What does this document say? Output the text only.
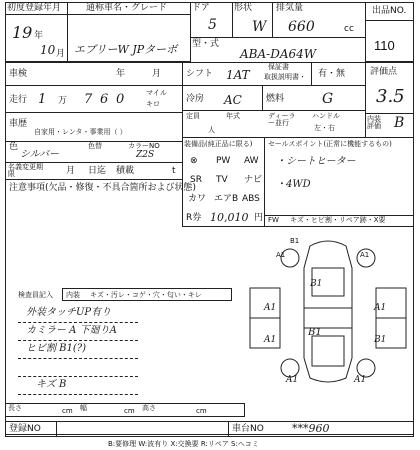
初度登録年月
19 年
10 月
通称車名・グレード
エブリーW JPターボ
ドア
5
形状
W
排気量
660	cc
型・式
ABA-DA64W
出品NO.
110
車検	年	月
走行 1 万 7 6 0	マイル
キロ
車歴
自家用・レンタ・事業用（ ）
色
シルバー
色替	カラーNO
Z2S
名義変更期限	月 日迄 積載	t
注意事項(欠品・修復・不具合箇所および状態)
シフト 1AT
保証書
取扱説明書・ 有・無
冷房 AC	燃料	G
定員
人
年式	ディーラー並行
ハンドル
左・右
評価点
3.5
内装評価 B
装備品(純正品に限る)
⊗ PW AW
SR TV ナビ
カワ エアB ABS
R券 10,010 円
セールスポイント(正常に機能するもの)
・シートヒーター
・4WD
FW キズ・ヒビ割・リペア跡・X要
検査員記入 内装 キズ・汚レ・コゲ・穴・匂い・キレ
外装タッチUP有り
カミラー A 下廻りA
ヒビ割 B1(?)
キズ B
B1
A1	A1
B1
B1
A1	A1
A1	B1
A1	A1
長さ	cm 幅	cm 高さ	cm
登録NO	車台NO	***960
B:要修理 W:波有り X:交換要 R:リペア S:ヘコミ
